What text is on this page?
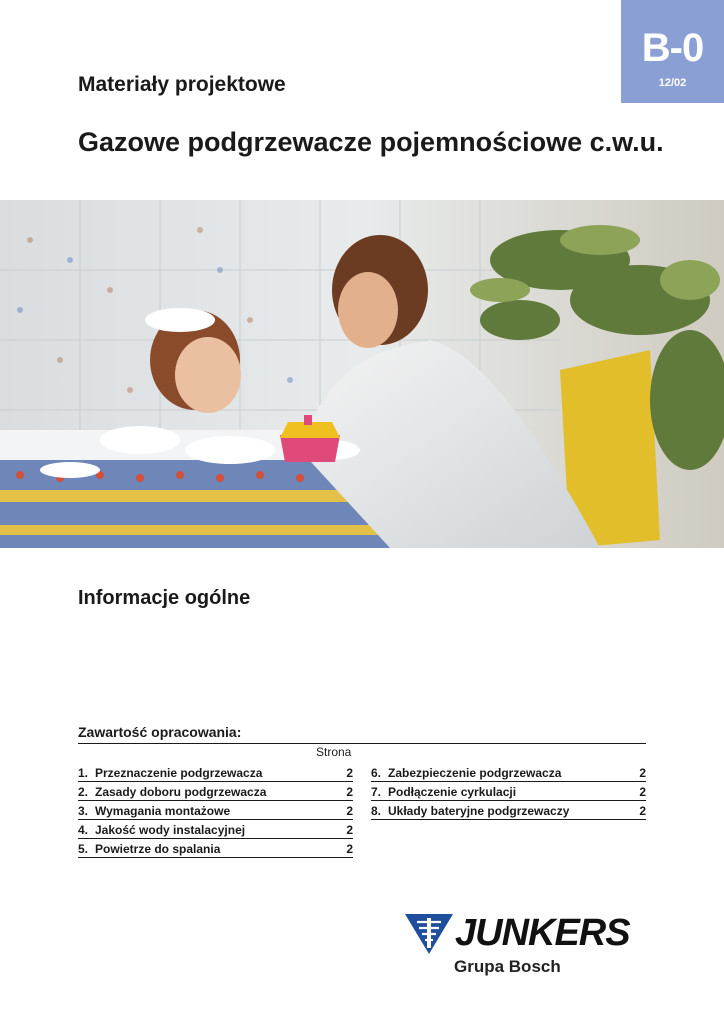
B-0
12/02
Materiały projektowe
Gazowe podgrzewacze pojemnościowe c.w.u.
Informacje ogólne
Zawartość opracowania:
Strona
1. Przeznaczenie podgrzewacza	2
2. Zasady doboru podgrzewacza	2
3. Wymagania montażowe	2
4. Jakość wody instalacyjnej	2
5. Powietrze do spalania	2
6. Zabezpieczenie podgrzewacza	2
7. Podłączenie cyrkulacji	2
8. Układy bateryjne podgrzewaczy	2
JUNKERS
Grupa Bosch
